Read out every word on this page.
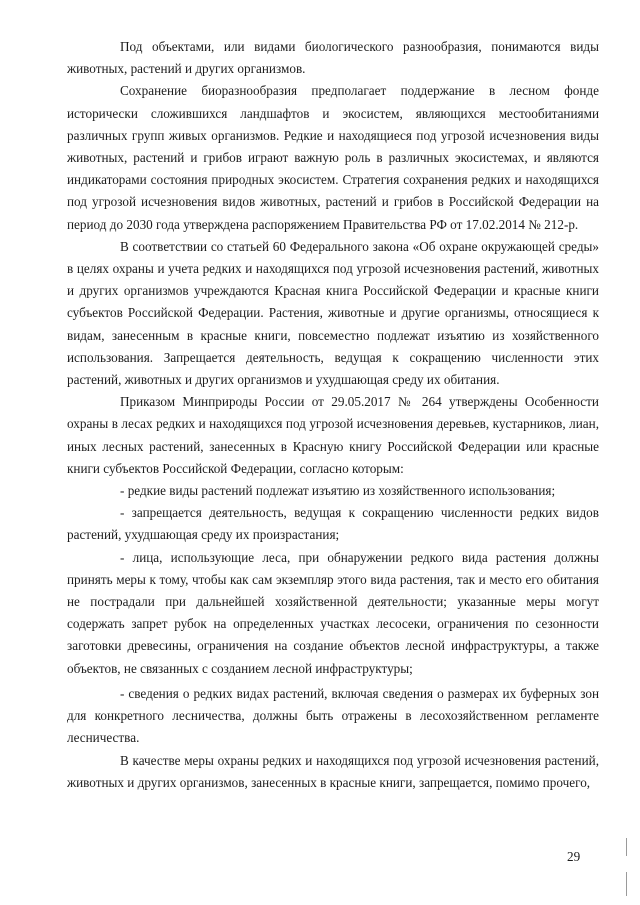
Под объектами, или видами биологического разнообразия, понимаются виды животных, растений и других организмов.

Сохранение биоразнообразия предполагает поддержание в лесном фонде исторически сложившихся ландшафтов и экосистем, являющихся местообитаниями различных групп живых организмов. Редкие и находящиеся под угрозой исчезновения виды животных, растений и грибов играют важную роль в различных экосистемах, и являются индикаторами состояния природных экосистем. Стратегия сохранения редких и находящихся под угрозой исчезновения видов животных, растений и грибов в Российской Федерации на период до 2030 года утверждена распоряжением Правительства РФ от 17.02.2014 № 212-р.

В соответствии со статьей 60 Федерального закона «Об охране окружающей среды» в целях охраны и учета редких и находящихся под угрозой исчезновения растений, животных и других организмов учреждаются Красная книга Российской Федерации и красные книги субъектов Российской Федерации. Растения, животные и другие организмы, относящиеся к видам, занесенным в красные книги, повсеместно подлежат изъятию из хозяйственного использования. Запрещается деятельность, ведущая к сокращению численности этих растений, животных и других организмов и ухудшающая среду их обитания.

Приказом Минприроды России от 29.05.2017 № 264 утверждены Особенности охраны в лесах редких и находящихся под угрозой исчезновения деревьев, кустарников, лиан, иных лесных растений, занесенных в Красную книгу Российской Федерации или красные книги субъектов Российской Федерации, согласно которым:

- редкие виды растений подлежат изъятию из хозяйственного использования;

- запрещается деятельность, ведущая к сокращению численности редких видов растений, ухудшающая среду их произрастания;

- лица, использующие леса, при обнаружении редкого вида растения должны принять меры к тому, чтобы как сам экземпляр этого вида растения, так и место его обитания не пострадали при дальнейшей хозяйственной деятельности; указанные меры могут содержать запрет рубок на определенных участках лесосеки, ограничения по сезонности заготовки древесины, ограничения на создание объектов лесной инфраструктуры, а также объектов, не связанных с созданием лесной инфраструктуры;

- сведения о редких видах растений, включая сведения о размерах их буферных зон для конкретного лесничества, должны быть отражены в лесохозяйственном регламенте лесничества.

В качестве меры охраны редких и находящихся под угрозой исчезновения растений, животных и других организмов, занесенных в красные книги, запрещается, помимо прочего,

29
